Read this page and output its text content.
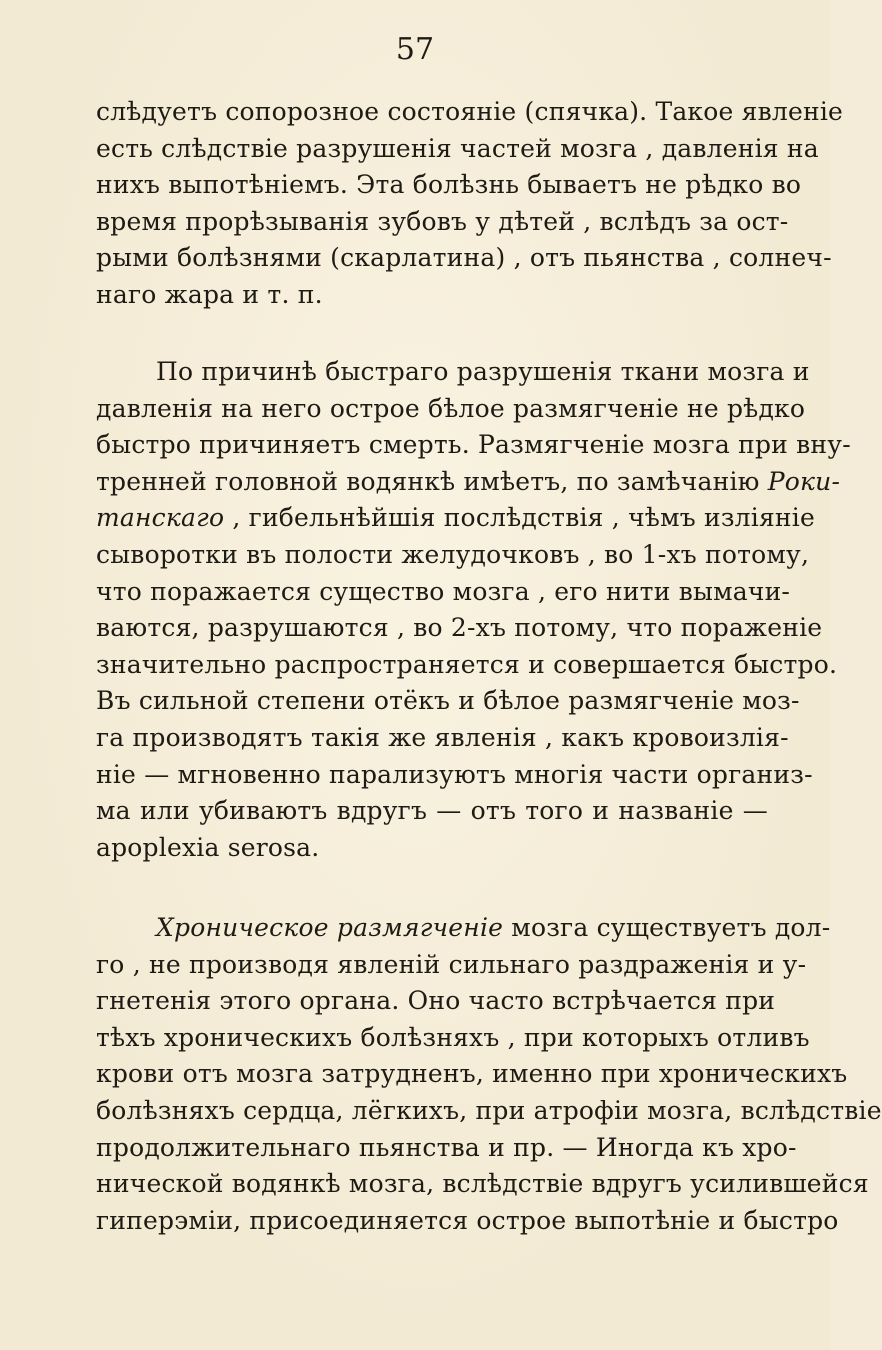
57
слѣдуетъ сопорозное состояніе (спячка). Такое явленіе
есть слѣдствіе разрушенія частей мозга , давленія на
нихъ выпотѣніемъ. Эта болѣзнь бываетъ не рѣдко во
время прорѣзыванія зубовъ у дѣтей , вслѣдъ за ост-
рыми болѣзнями (скарлатина) , отъ пьянства , солнеч-
наго жара и т. п.
По причинѣ быстраго разрушенія ткани мозга и
давленія на него острое бѣлое размягченіе не рѣдко
быстро причиняетъ смерть. Размягченіе мозга при вну-
тренней головной водянкѣ имѣетъ, по замѣчанію Роки-
танскаго , гибельнѣйшія послѣдствія , чѣмъ изліяніе
сыворотки въ полости желудочковъ , во 1-хъ потому,
что поражается существо мозга , его нити вымачи-
ваются, разрушаются , во 2-хъ потому, что пораженіе
значительно распространяется и совершается быстро.
Въ сильной степени отёкъ и бѣлое размягченіе моз-
га производятъ такія же явленія , какъ кровоизлія-
ніе — мгновенно парализуютъ многія части организ-
ма или убиваютъ вдругъ — отъ того и названіе —
apoplexia serosa.
Хроническое размягченіе мозга существуетъ дол-
го , не производя явленій сильнаго раздраженія и у-
гнетенія этого органа. Оно часто встрѣчается при
тѣхъ хроническихъ болѣзняхъ , при которыхъ отливъ
крови отъ мозга затрудненъ, именно при хроническихъ
болѣзняхъ сердца, лёгкихъ, при атрофіи мозга, вслѣдствіе
продолжительнаго пьянства и пр. — Иногда къ хро-
нической водянкѣ мозга, вслѣдствіе вдругъ усилившейся
гиперэміи, присоединяется острое выпотѣніе и быстро
